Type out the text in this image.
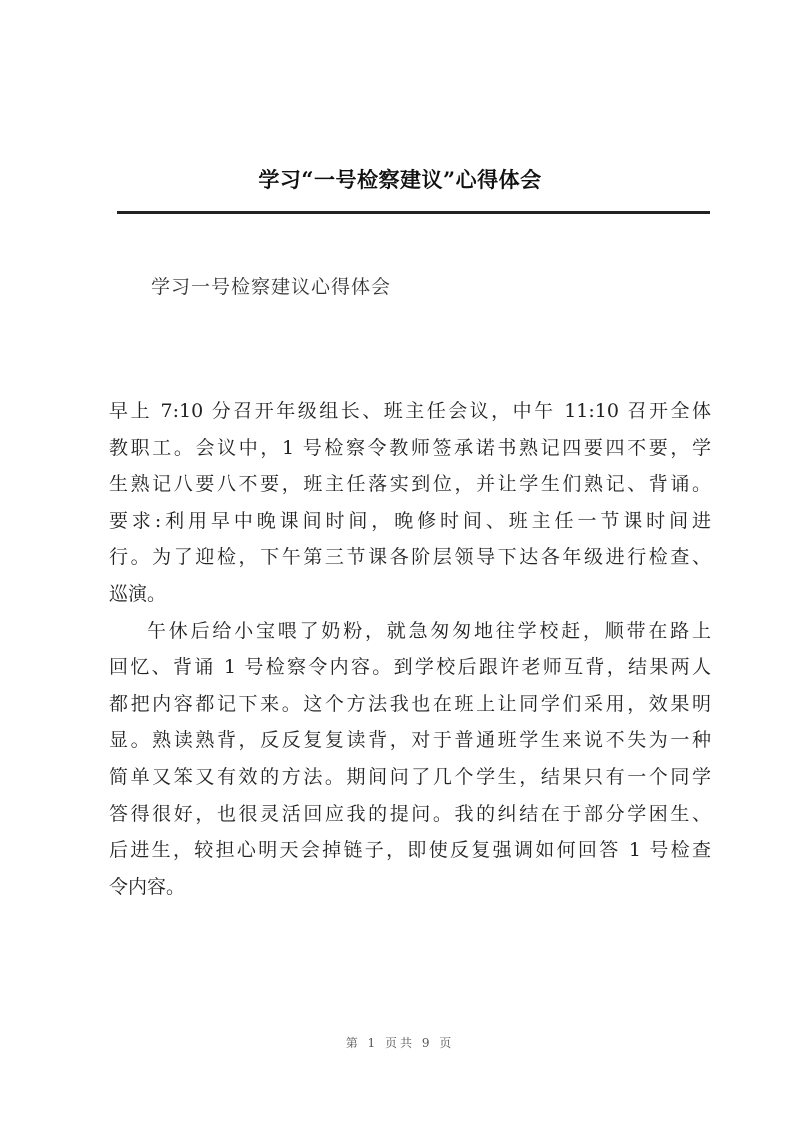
学习“一号检察建议”心得体会
学习一号检察建议心得体会
早上 7:10 分召开年级组长、班主任会议，中午 11:10 召开全体
教职工。会议中，1 号检察令教师签承诺书熟记四要四不要，学
生熟记八要八不要，班主任落实到位，并让学生们熟记、背诵。
要求:利用早中晚课间时间，晚修时间、班主任一节课时间进
行。为了迎检，下午第三节课各阶层领导下达各年级进行检查、
巡演。
午休后给小宝喂了奶粉，就急匆匆地往学校赶，顺带在路上
回忆、背诵 1 号检察令内容。到学校后跟许老师互背，结果两人
都把内容都记下来。这个方法我也在班上让同学们采用，效果明
显。熟读熟背，反反复复读背，对于普通班学生来说不失为一种
简单又笨又有效的方法。期间问了几个学生，结果只有一个同学
答得很好，也很灵活回应我的提问。我的纠结在于部分学困生、
后进生，较担心明天会掉链子，即使反复强调如何回答 1 号检查
令内容。
第 1 页共 9 页
